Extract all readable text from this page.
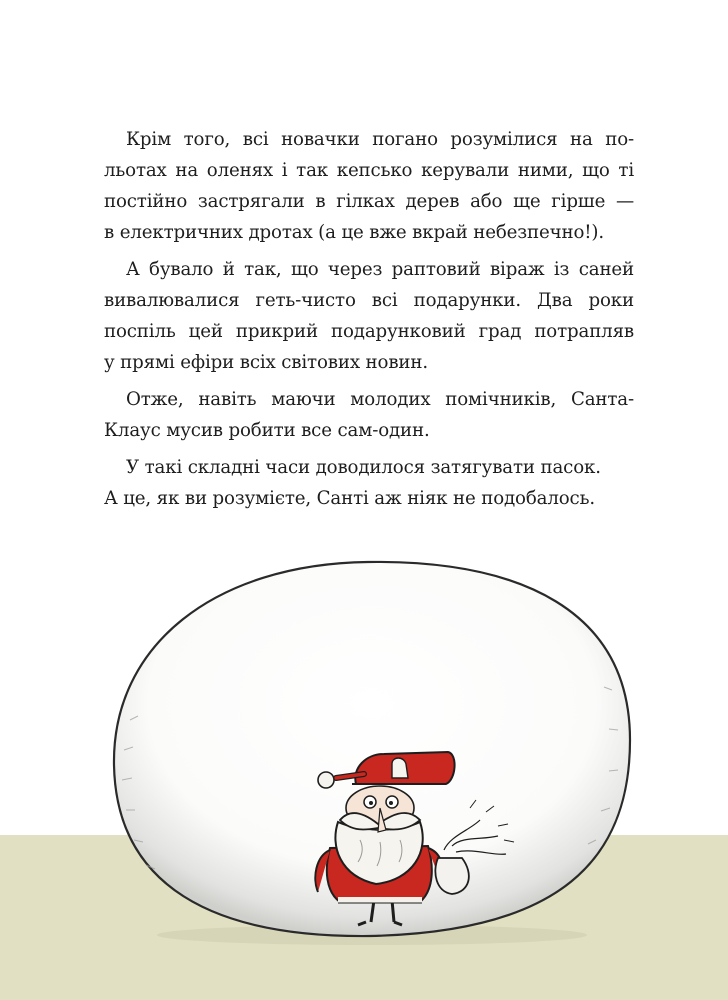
Крім того, всі новачки погано розумілися на по-
льотах на оленях і так кепсько керували ними, що ті
постійно застрягали в гілках дерев або ще гірше —
в електричних дротах (а це вже вкрай небезпечно!).

А бувало й так, що через раптовий віраж із саней
вивалювалися геть-чисто всі подарунки. Два роки
поспіль цей прикрий подарунковий град потрапляв
у прямі ефіри всіх світових новин.

Отже, навіть маючи молодих помічників, Санта-
Клаус мусив робити все сам-один.

У такі складні часи доводилося затягувати пасок.
А це, як ви розумієте, Санті аж ніяк не подобалось.
